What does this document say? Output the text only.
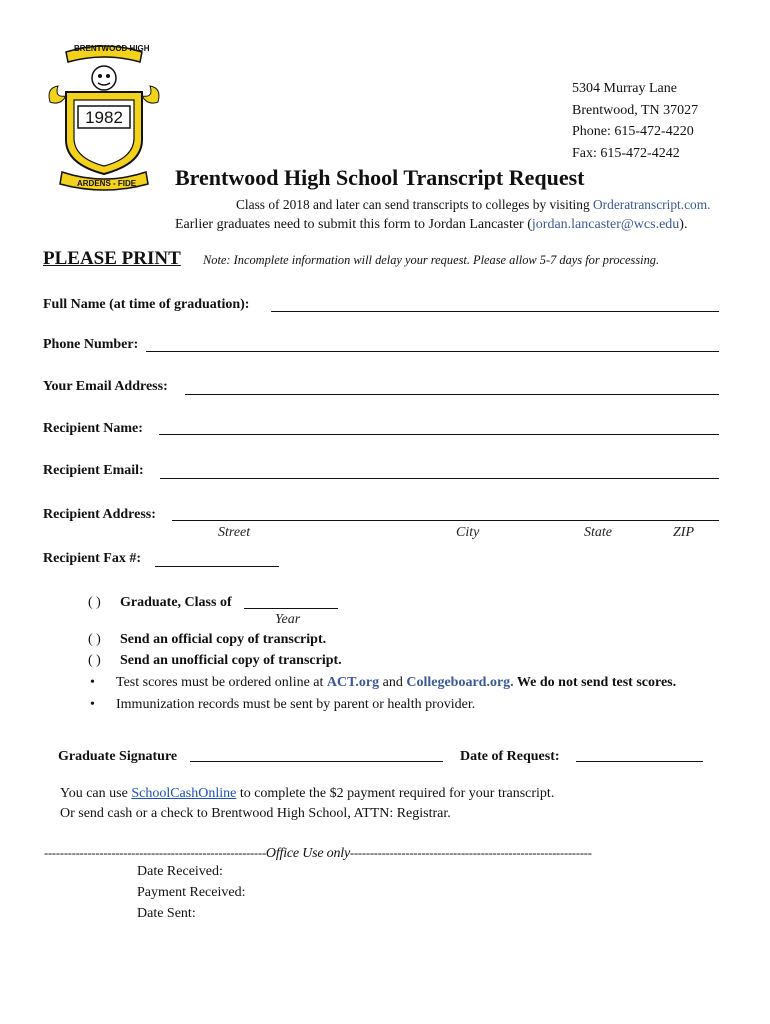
1982
BRENTWOOD HIGH
ARDENS - FIDE
5304 Murray Lane
Brentwood, TN 37027
Phone: 615-472-4220
Fax: 615-472-4242
Brentwood High School Transcript Request
Class of 2018 and later can send transcripts to colleges by visiting Orderatranscript.com.
Earlier graduates need to submit this form to Jordan Lancaster (jordan.lancaster@wcs.edu).
PLEASE PRINT Note: Incomplete information will delay your request. Please allow 5-7 days for processing.
Full Name (at time of graduation):
Phone Number:
Your Email Address:
Recipient Name:
Recipient Email:
Recipient Address:
Street	City	State	ZIP
Recipient Fax #:
( ) Graduate, Class of
Year
( ) Send an official copy of transcript.
( ) Send an unofficial copy of transcript.
• Test scores must be ordered online at ACT.org and Collegeboard.org. We do not send test scores.
• Immunization records must be sent by parent or health provider.
Graduate Signature	Date of Request:
You can use SchoolCashOnline to complete the $2 payment required for your transcript.
Or send cash or a check to Brentwood High School, ATTN: Registrar.
--------------------------------------------------------Office Use only-------------------------------------------------------------
Date Received:
Payment Received:
Date Sent:
